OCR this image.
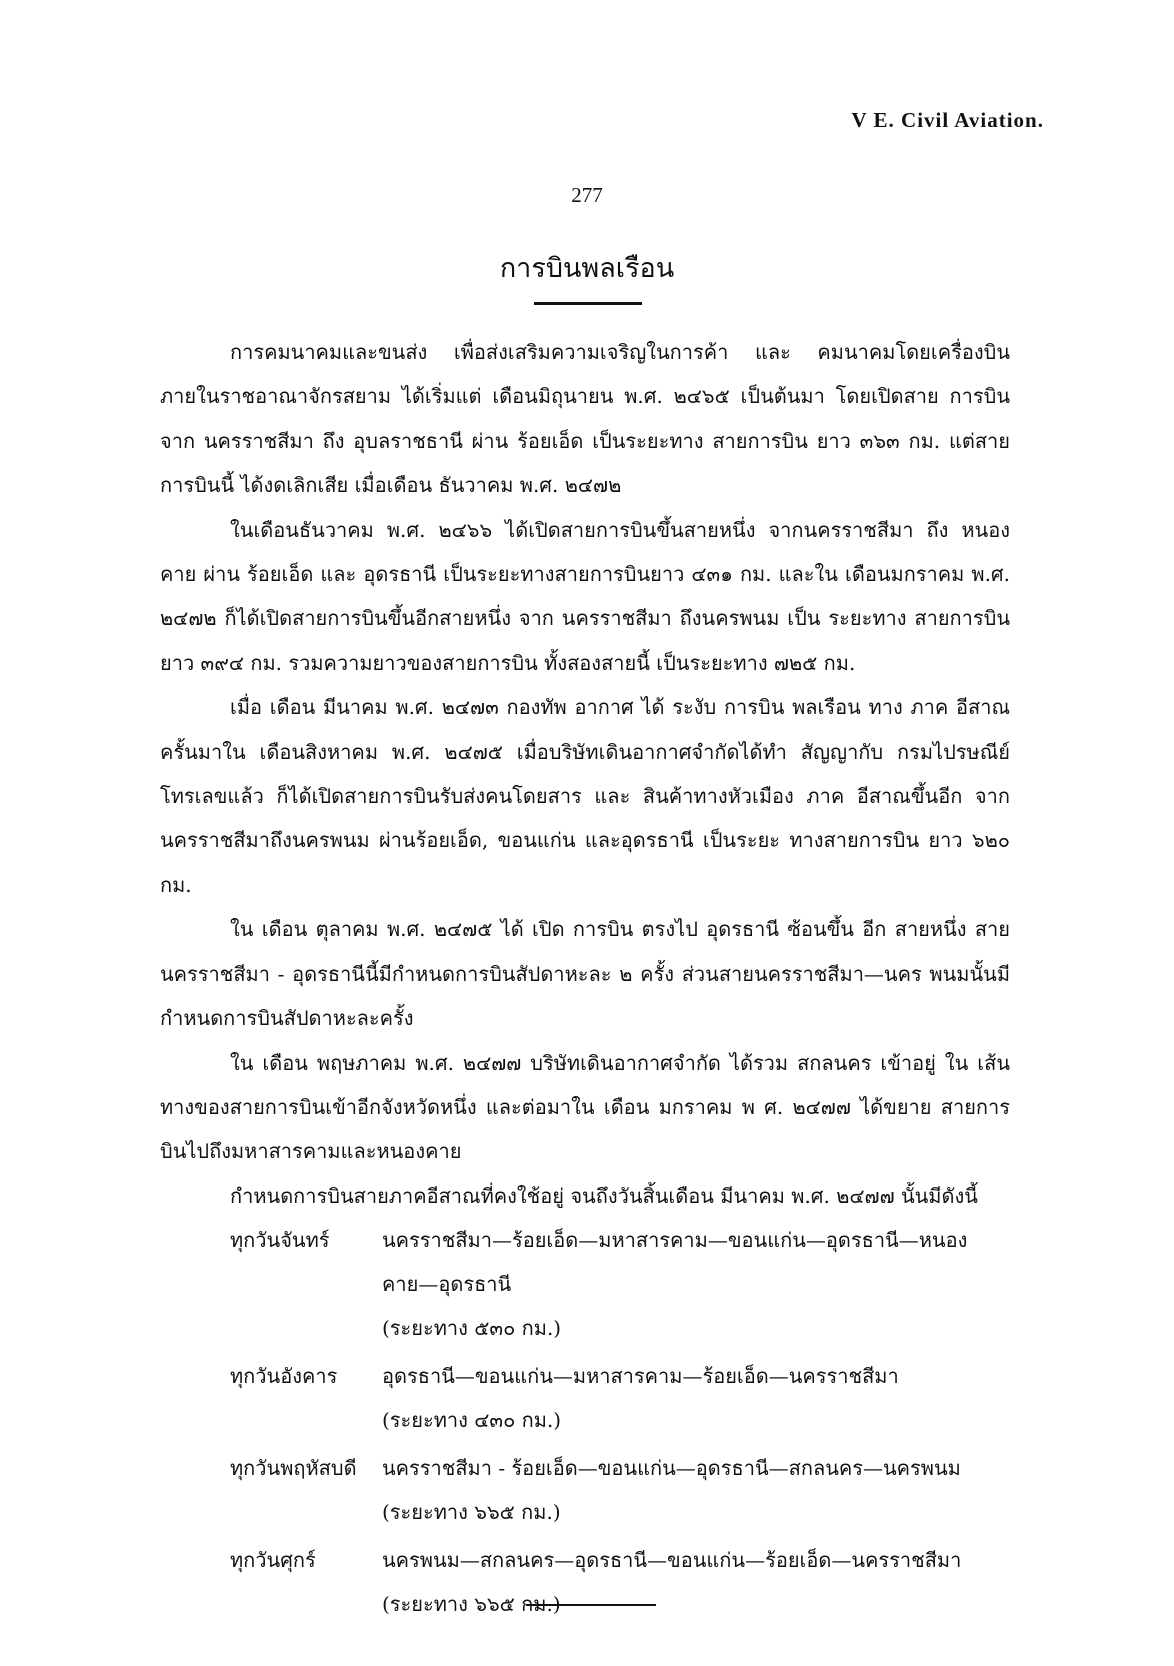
V E. Civil Aviation.
277
การบินพลเรือน

การคมนาคมและขนส่ง เพื่อส่งเสริมความเจริญในการค้า และ คมนาคมโดยเครื่องบิน ภายในราชอาณาจักรสยาม ได้เริ่มแต่ เดือนมิถุนายน พ.ศ. ๒๔๖๕ เป็นต้นมา โดยเปิดสาย การบิน จาก นครราชสีมา ถึง อุบลราชธานี ผ่าน ร้อยเอ็ด เป็นระยะทาง สายการบิน ยาว ๓๖๓ กม. แต่สายการบินนี้ ได้งดเลิกเสีย เมื่อเดือน ธันวาคม พ.ศ. ๒๔๗๒

ในเดือนธันวาคม พ.ศ. ๒๔๖๖ ได้เปิดสายการบินขึ้นสายหนึ่ง จากนครราชสีมา ถึง หนอง คาย ผ่าน ร้อยเอ็ด และ อุดรธานี เป็นระยะทางสายการบินยาว ๔๓๑ กม. และใน เดือนมกราคม พ.ศ. ๒๔๗๒ ก็ได้เปิดสายการบินขึ้นอีกสายหนึ่ง จาก นครราชสีมา ถึงนครพนม เป็น ระยะทาง สายการบิน ยาว ๓๙๔ กม. รวมความยาวของสายการบิน ทั้งสองสายนี้ เป็นระยะทาง ๗๒๕ กม.

เมื่อ เดือน มีนาคม พ.ศ. ๒๔๗๓ กองทัพ อากาศ ได้ ระงับ การบิน พลเรือน ทาง ภาค อีสาณ ครั้นมาใน เดือนสิงหาคม พ.ศ. ๒๔๗๕ เมื่อบริษัทเดินอากาศจำกัดได้ทำ สัญญากับ กรมไปรษณีย์ โทรเลขแล้ว ก็ได้เปิดสายการบินรับส่งคนโดยสาร และ สินค้าทางหัวเมือง ภาค อีสาณขึ้นอีก จากนครราชสีมาถึงนครพนม ผ่านร้อยเอ็ด, ขอนแก่น และอุดรธานี เป็นระยะ ทางสายการบิน ยาว ๖๒๐ กม.

ใน เดือน ตุลาคม พ.ศ. ๒๔๗๕ ได้ เปิด การบิน ตรงไป อุดรธานี ซ้อนขึ้น อีก สายหนึ่ง สาย นครราชสีมา - อุดรธานีนี้มีกำหนดการบินสัปดาหะละ ๒ ครั้ง ส่วนสายนครราชสีมา—นคร พนมนั้นมีกำหนดการบินสัปดาหะละครั้ง

ใน เดือน พฤษภาคม พ.ศ. ๒๔๗๗ บริษัทเดินอากาศจำกัด ได้รวม สกลนคร เข้าอยู่ ใน เส้นทางของสายการบินเข้าอีกจังหวัดหนึ่ง และต่อมาใน เดือน มกราคม พ ศ. ๒๔๗๗ ได้ขยาย สายการบินไปถึงมหาสารคามและหนองคาย

กำหนดการบินสายภาคอีสาณที่คงใช้อยู่ จนถึงวันสิ้นเดือน มีนาคม พ.ศ. ๒๔๗๗ นั้นมีดังนี้

ทุกวันจันทร์	นครราชสีมา—ร้อยเอ็ด—มหาสารคาม—ขอนแก่น—อุดรธานี—หนอง คาย—อุดรธานี
(ระยะทาง ๕๓๐ กม.)
ทุกวันอังคาร	อุดรธานี—ขอนแก่น—มหาสารคาม—ร้อยเอ็ด—นครราชสีมา
(ระยะทาง ๔๓๐ กม.)
ทุกวันพฤหัสบดี	นครราชสีมา - ร้อยเอ็ด—ขอนแก่น—อุดรธานี—สกลนคร—นครพนม
(ระยะทาง ๖๖๕ กม.)
ทุกวันศุกร์	นครพนม—สกลนคร—อุดรธานี—ขอนแก่น—ร้อยเอ็ด—นครราชสีมา
(ระยะทาง ๖๖๕ กม.)
